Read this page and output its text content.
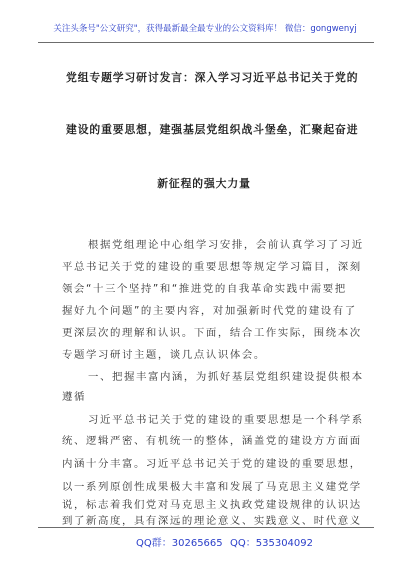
关注头条号"公文研究"，获得最新最全最专业的公文资料库！ 微信：gongwenyj
党组专题学习研讨发言：深入学习习近平总书记关于党的
建设的重要思想，建强基层党组织战斗堡垒，汇聚起奋进
新征程的强大力量
根据党组理论中心组学习安排，会前认真学习了习近
平总书记关于党的建设的重要思想等规定学习篇目，深刻
领会“十三个坚持”和“推进党的自我革命实践中需要把
握好九个问题”的主要内容，对加强新时代党的建设有了
更深层次的理解和认识。下面，结合工作实际，围绕本次
专题学习研讨主题，谈几点认识体会。
一、把握丰富内涵，为抓好基层党组织建设提供根本
遵循
习近平总书记关于党的建设的重要思想是一个科学系
统、逻辑严密、有机统一的整体，涵盖党的建设方方面面
内涵十分丰富。习近平总书记关于党的建设的重要思想，
以一系列原创性成果极大丰富和发展了马克思主义建党学
说，标志着我们党对马克思主义执政党建设规律的认识达
到了新高度，具有深远的理论意义、实践意义、时代意义
QQ群：30265665 QQ：535304092
